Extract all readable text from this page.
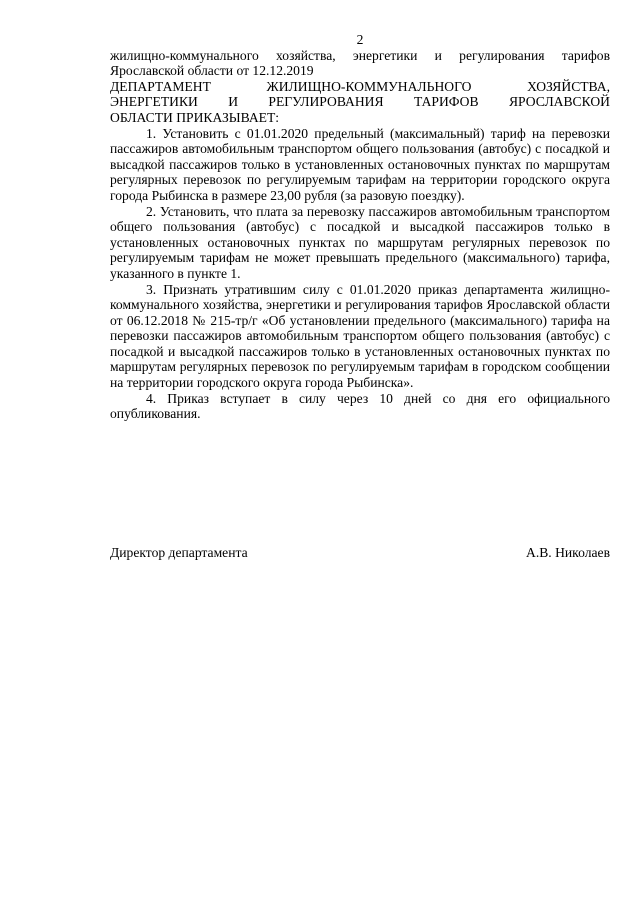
2

жилищно-коммунального хозяйства, энергетики и регулирования тарифов Ярославской области от 12.12.2019

ДЕПАРТАМЕНТ ЖИЛИЩНО-КОММУНАЛЬНОГО ХОЗЯЙСТВА,
ЭНЕРГЕТИКИ И РЕГУЛИРОВАНИЯ ТАРИФОВ ЯРОСЛАВСКОЙ
ОБЛАСТИ ПРИКАЗЫВАЕТ:

1. Установить с 01.01.2020 предельный (максимальный) тариф на перевозки пассажиров автомобильным транспортом общего пользования (автобус) с посадкой и высадкой пассажиров только в установленных остановочных пунктах по маршрутам регулярных перевозок по регулируемым тарифам на территории городского округа города Рыбинска в размере 23,00 рубля (за разовую поездку).

2. Установить, что плата за перевозку пассажиров автомобильным транспортом общего пользования (автобус) с посадкой и высадкой пассажиров только в установленных остановочных пунктах по маршрутам регулярных перевозок по регулируемым тарифам не может превышать предельного (максимального) тарифа, указанного в пункте 1.

3. Признать утратившим силу с 01.01.2020 приказ департамента жилищно-коммунального хозяйства, энергетики и регулирования тарифов Ярославской области от 06.12.2018 № 215-тр/г «Об установлении предельного (максимального) тарифа на перевозки пассажиров автомобильным транспортом общего пользования (автобус) с посадкой и высадкой пассажиров только в установленных остановочных пунктах по маршрутам регулярных перевозок по регулируемым тарифам в городском сообщении на территории городского округа города Рыбинска».

4. Приказ вступает в силу через 10 дней со дня его официального опубликования.

Директор департамента	А.В. Николаев
